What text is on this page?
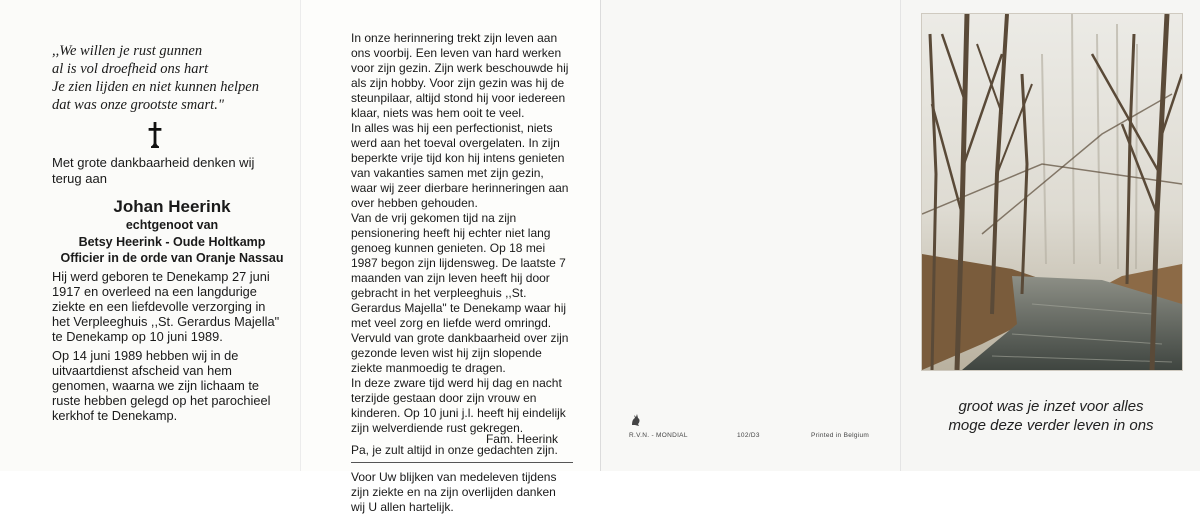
,,We willen je rust gunnen
al is vol droefheid ons hart
Je zien lijden en niet kunnen helpen
dat was onze grootste smart."
Met grote dankbaarheid denken wij terug aan
Johan Heerink
echtgenoot van
Betsy Heerink - Oude Holtkamp
Officier in de orde van Oranje Nassau

Hij werd geboren te Denekamp 27 juni 1917 en overleed na een langdurige ziekte en een liefdevolle verzorging in het Verpleeghuis ,,St. Gerardus Majella" te Denekamp op 10 juni 1989.

Op 14 juni 1989 hebben wij in de uitvaartdienst afscheid van hem genomen, waarna we zijn lichaam te ruste hebben gelegd op het parochieel kerkhof te Denekamp.

In onze herinnering trekt zijn leven aan ons voorbij. Een leven van hard werken voor zijn gezin. Zijn werk beschouwde hij als zijn hobby. Voor zijn gezin was hij de steunpilaar, altijd stond hij voor iedereen klaar, niets was hem ooit te veel.

In alles was hij een perfectionist, niets werd aan het toeval overgelaten. In zijn beperkte vrije tijd kon hij intens genieten van vakanties samen met zijn gezin, waar wij zeer dierbare herinneringen aan over hebben gehouden.

Van de vrij gekomen tijd na zijn pensionering heeft hij echter niet lang genoeg kunnen genieten. Op 18 mei 1987 begon zijn lijdensweg. De laatste 7 maanden van zijn leven heeft hij door gebracht in het verpleeghuis ,,St. Gerardus Majella" te Denekamp waar hij met veel zorg en liefde werd omringd. Vervuld van grote dankbaarheid over zijn gezonde leven wist hij zijn slopende ziekte manmoedig te dragen.

In deze zware tijd werd hij dag en nacht terzijde gestaan door zijn vrouw en kinderen. Op 10 juni j.l. heeft hij eindelijk zijn welverdiende rust gekregen.

Pa, je zult altijd in onze gedachten zijn.

Voor Uw blijken van medeleven tijdens zijn ziekte en na zijn overlijden danken wij U allen hartelijk.

Fam. Heerink	R.V.N. - MONDIAL	102/D3	Printed in Belgium
groot was je inzet voor alles
moge deze verder leven in ons
